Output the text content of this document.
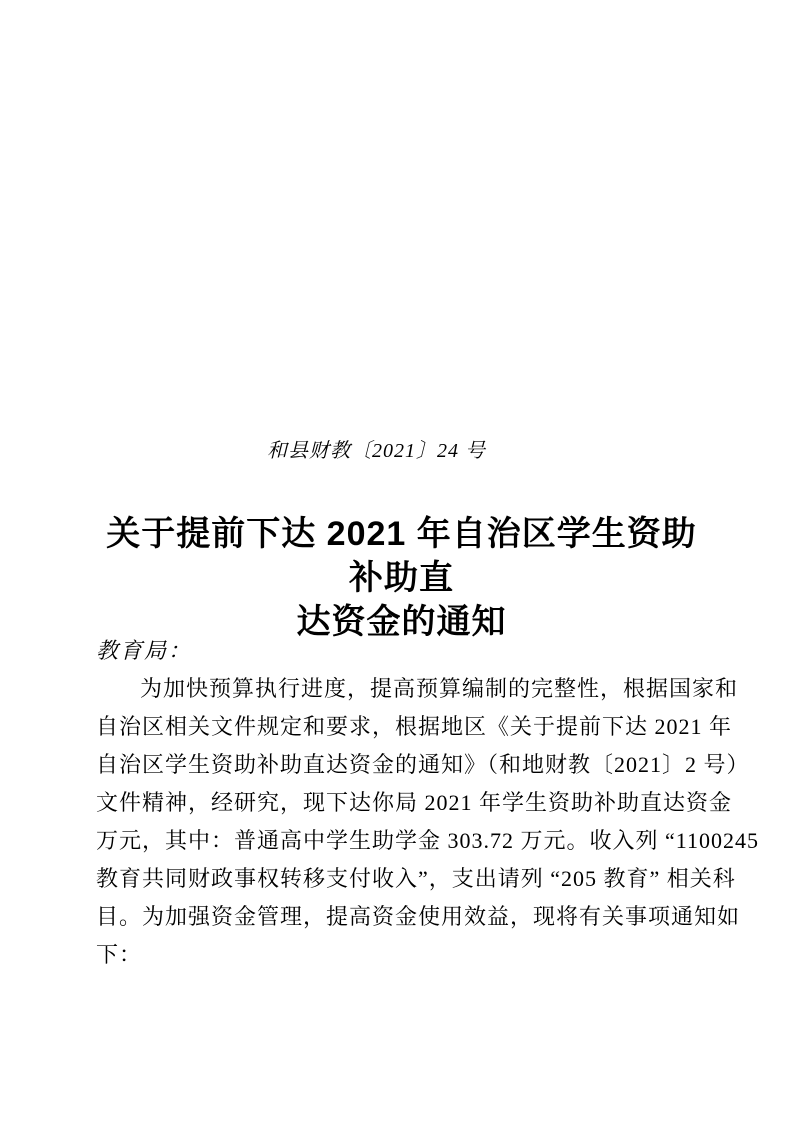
和县财教〔2021〕24 号
关于提前下达 2021 年自治区学生资助补助直
达资金的通知
教育局：
为加快预算执行进度，提高预算编制的完整性，根据国家和
自治区相关文件规定和要求，根据地区《关于提前下达 2021 年
自治区学生资助补助直达资金的通知》（和地财教〔2021〕2 号）
文件精神，经研究，现下达你局 2021 年学生资助补助直达资金
万元，其中：普通高中学生助学金 303.72 万元。收入列 “1100245
教育共同财政事权转移支付收入”，支出请列 “205 教育” 相关科
目。为加强资金管理，提高资金使用效益，现将有关事项通知如
下：
